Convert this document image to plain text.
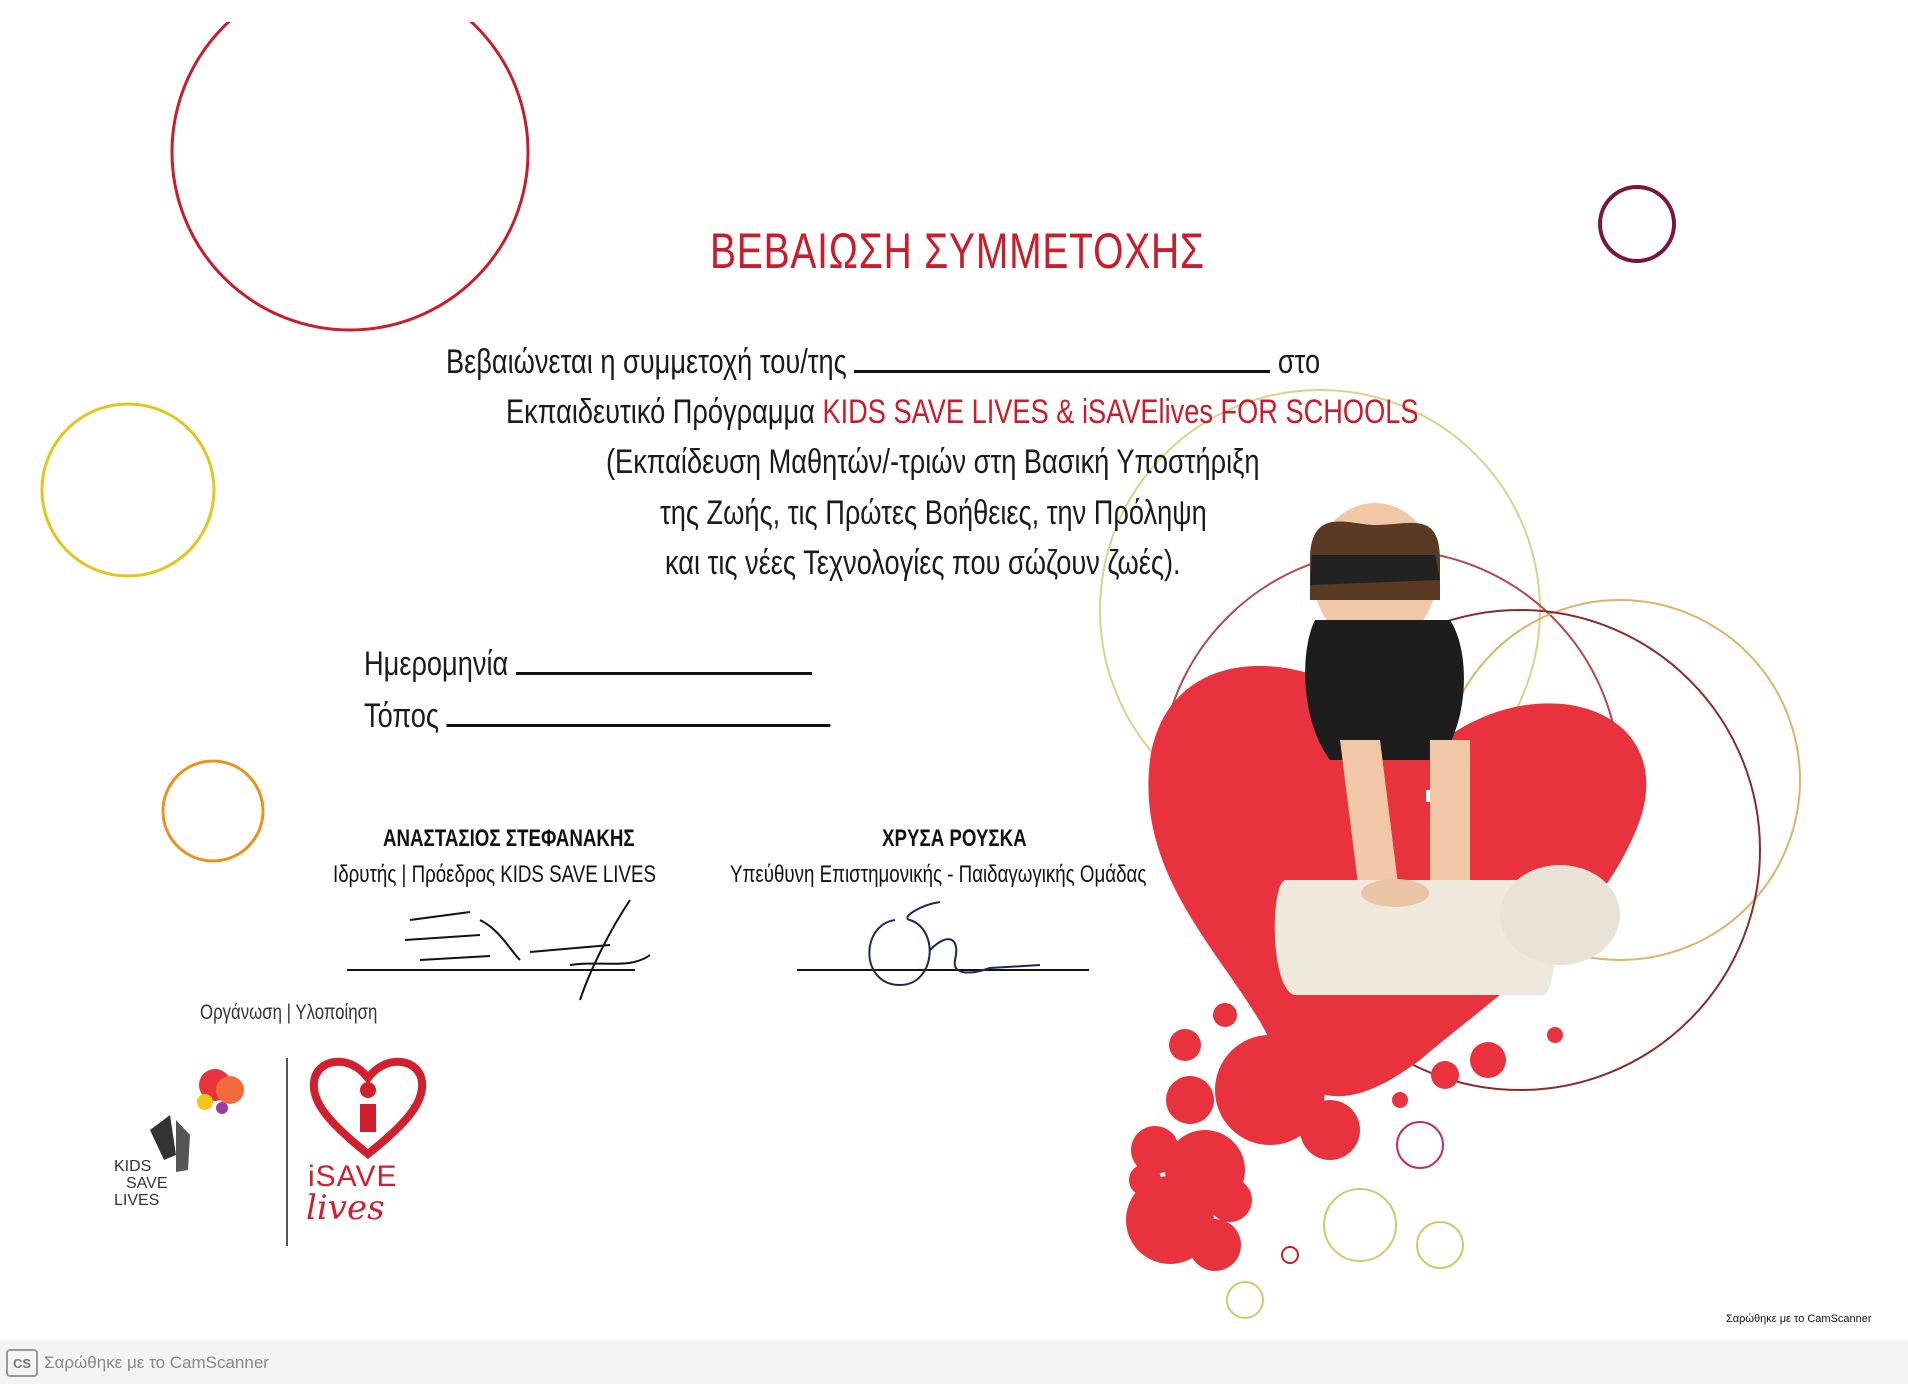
ΒΕΒΑΙΩΣΗ ΣΥΜΜΕΤΟΧΗΣ
Βεβαιώνεται η συμμετοχή του/της	στο
Εκπαιδευτικό Πρόγραμμα KIDS SAVE LIVES & iSAVElives FOR SCHOOLS
(Εκπαίδευση Μαθητών/-τριών στη Βασική Υποστήριξη
της Ζωής, τις Πρώτες Βοήθειες, την Πρόληψη
και τις νέες Τεχνολογίες που σώζουν ζωές).
Ημερομηνία
Τόπος
ΑΝΑΣΤΑΣΙΟΣ ΣΤΕΦΑΝΑΚΗΣ
Ιδρυτής | Πρόεδρος KIDS SAVE LIVES
ΧΡΥΣΑ ΡΟΥΣΚΑ
Υπεύθυνη Επιστημονικής - Παιδαγωγικής Ομάδας
Οργάνωση | Υλοποίηση
KIDS
SAVE
LIVES
iSAVE
lives
Σαρώθηκε με το CamScanner
CS Σαρώθηκε με το CamScanner
